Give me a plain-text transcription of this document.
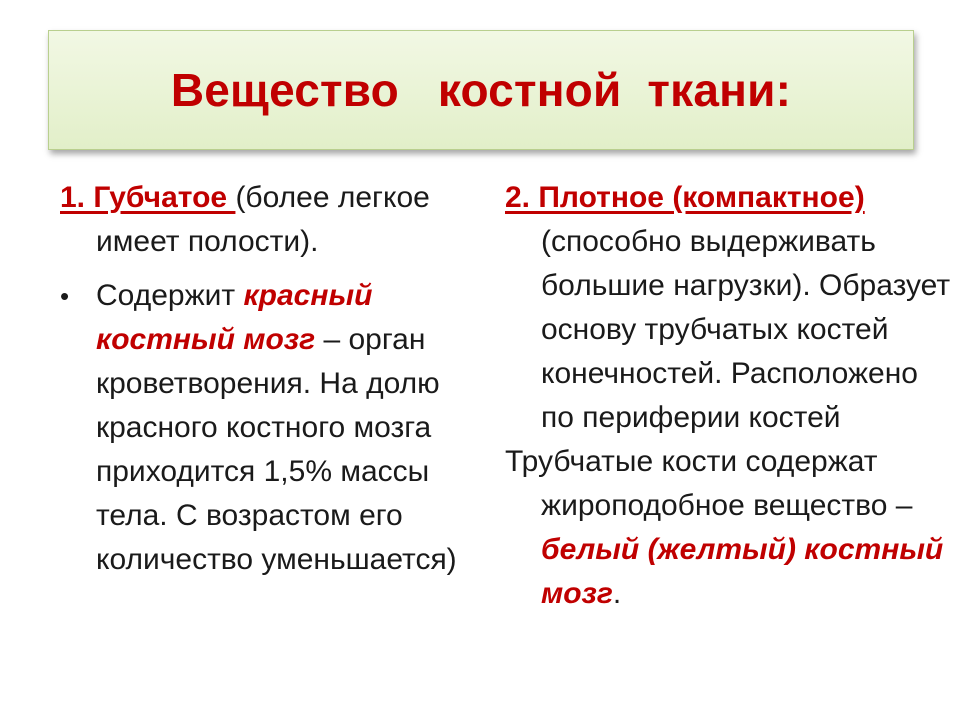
Вещество   костной  ткани:

1. Губчатое (более легкое имеет полости).

• Содержит красный костный мозг – орган кроветворения. На долю красного костного мозга приходится 1,5% массы тела. С возрастом его количество уменьшается)

2. Плотное (компактное) (способно выдерживать большие нагрузки). Образует основу трубчатых костей конечностей. Расположено по периферии костей

Трубчатые кости содержат жироподобное вещество – белый (желтый) костный мозг.
